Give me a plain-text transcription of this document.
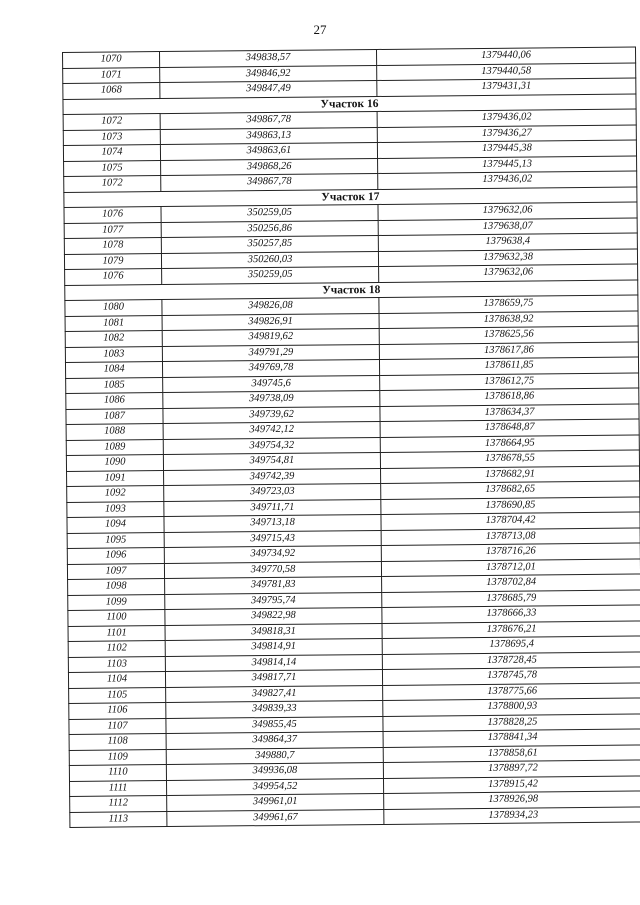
27
1070	349838,57	1379440,06
1071	349846,92	1379440,58
1068	349847,49	1379431,31
Участок 16		
1072	349867,78	1379436,02
1073	349863,13	1379436,27
1074	349863,61	1379445,38
1075	349868,26	1379445,13
1072	349867,78	1379436,02
Участок 17		
1076	350259,05	1379632,06
1077	350256,86	1379638,07
1078	350257,85	1379638,4
1079	350260,03	1379632,38
1076	350259,05	1379632,06
Участок 18		
1080	349826,08	1378659,75
1081	349826,91	1378638,92
1082	349819,62	1378625,56
1083	349791,29	1378617,86
1084	349769,78	1378611,85
1085	349745,6	1378612,75
1086	349738,09	1378618,86
1087	349739,62	1378634,37
1088	349742,12	1378648,87
1089	349754,32	1378664,95
1090	349754,81	1378678,55
1091	349742,39	1378682,91
1092	349723,03	1378682,65
1093	349711,71	1378690,85
1094	349713,18	1378704,42
1095	349715,43	1378713,08
1096	349734,92	1378716,26
1097	349770,58	1378712,01
1098	349781,83	1378702,84
1099	349795,74	1378685,79
1100	349822,98	1378666,33
1101	349818,31	1378676,21
1102	349814,91	1378695,4
1103	349814,14	1378728,45
1104	349817,71	1378745,78
1105	349827,41	1378775,66
1106	349839,33	1378800,93
1107	349855,45	1378828,25
1108	349864,37	1378841,34
1109	349880,7	1378858,61
1110	349936,08	1378897,72
1111	349954,52	1378915,42
1112	349961,01	1378926,98
1113	349961,67	1378934,23
